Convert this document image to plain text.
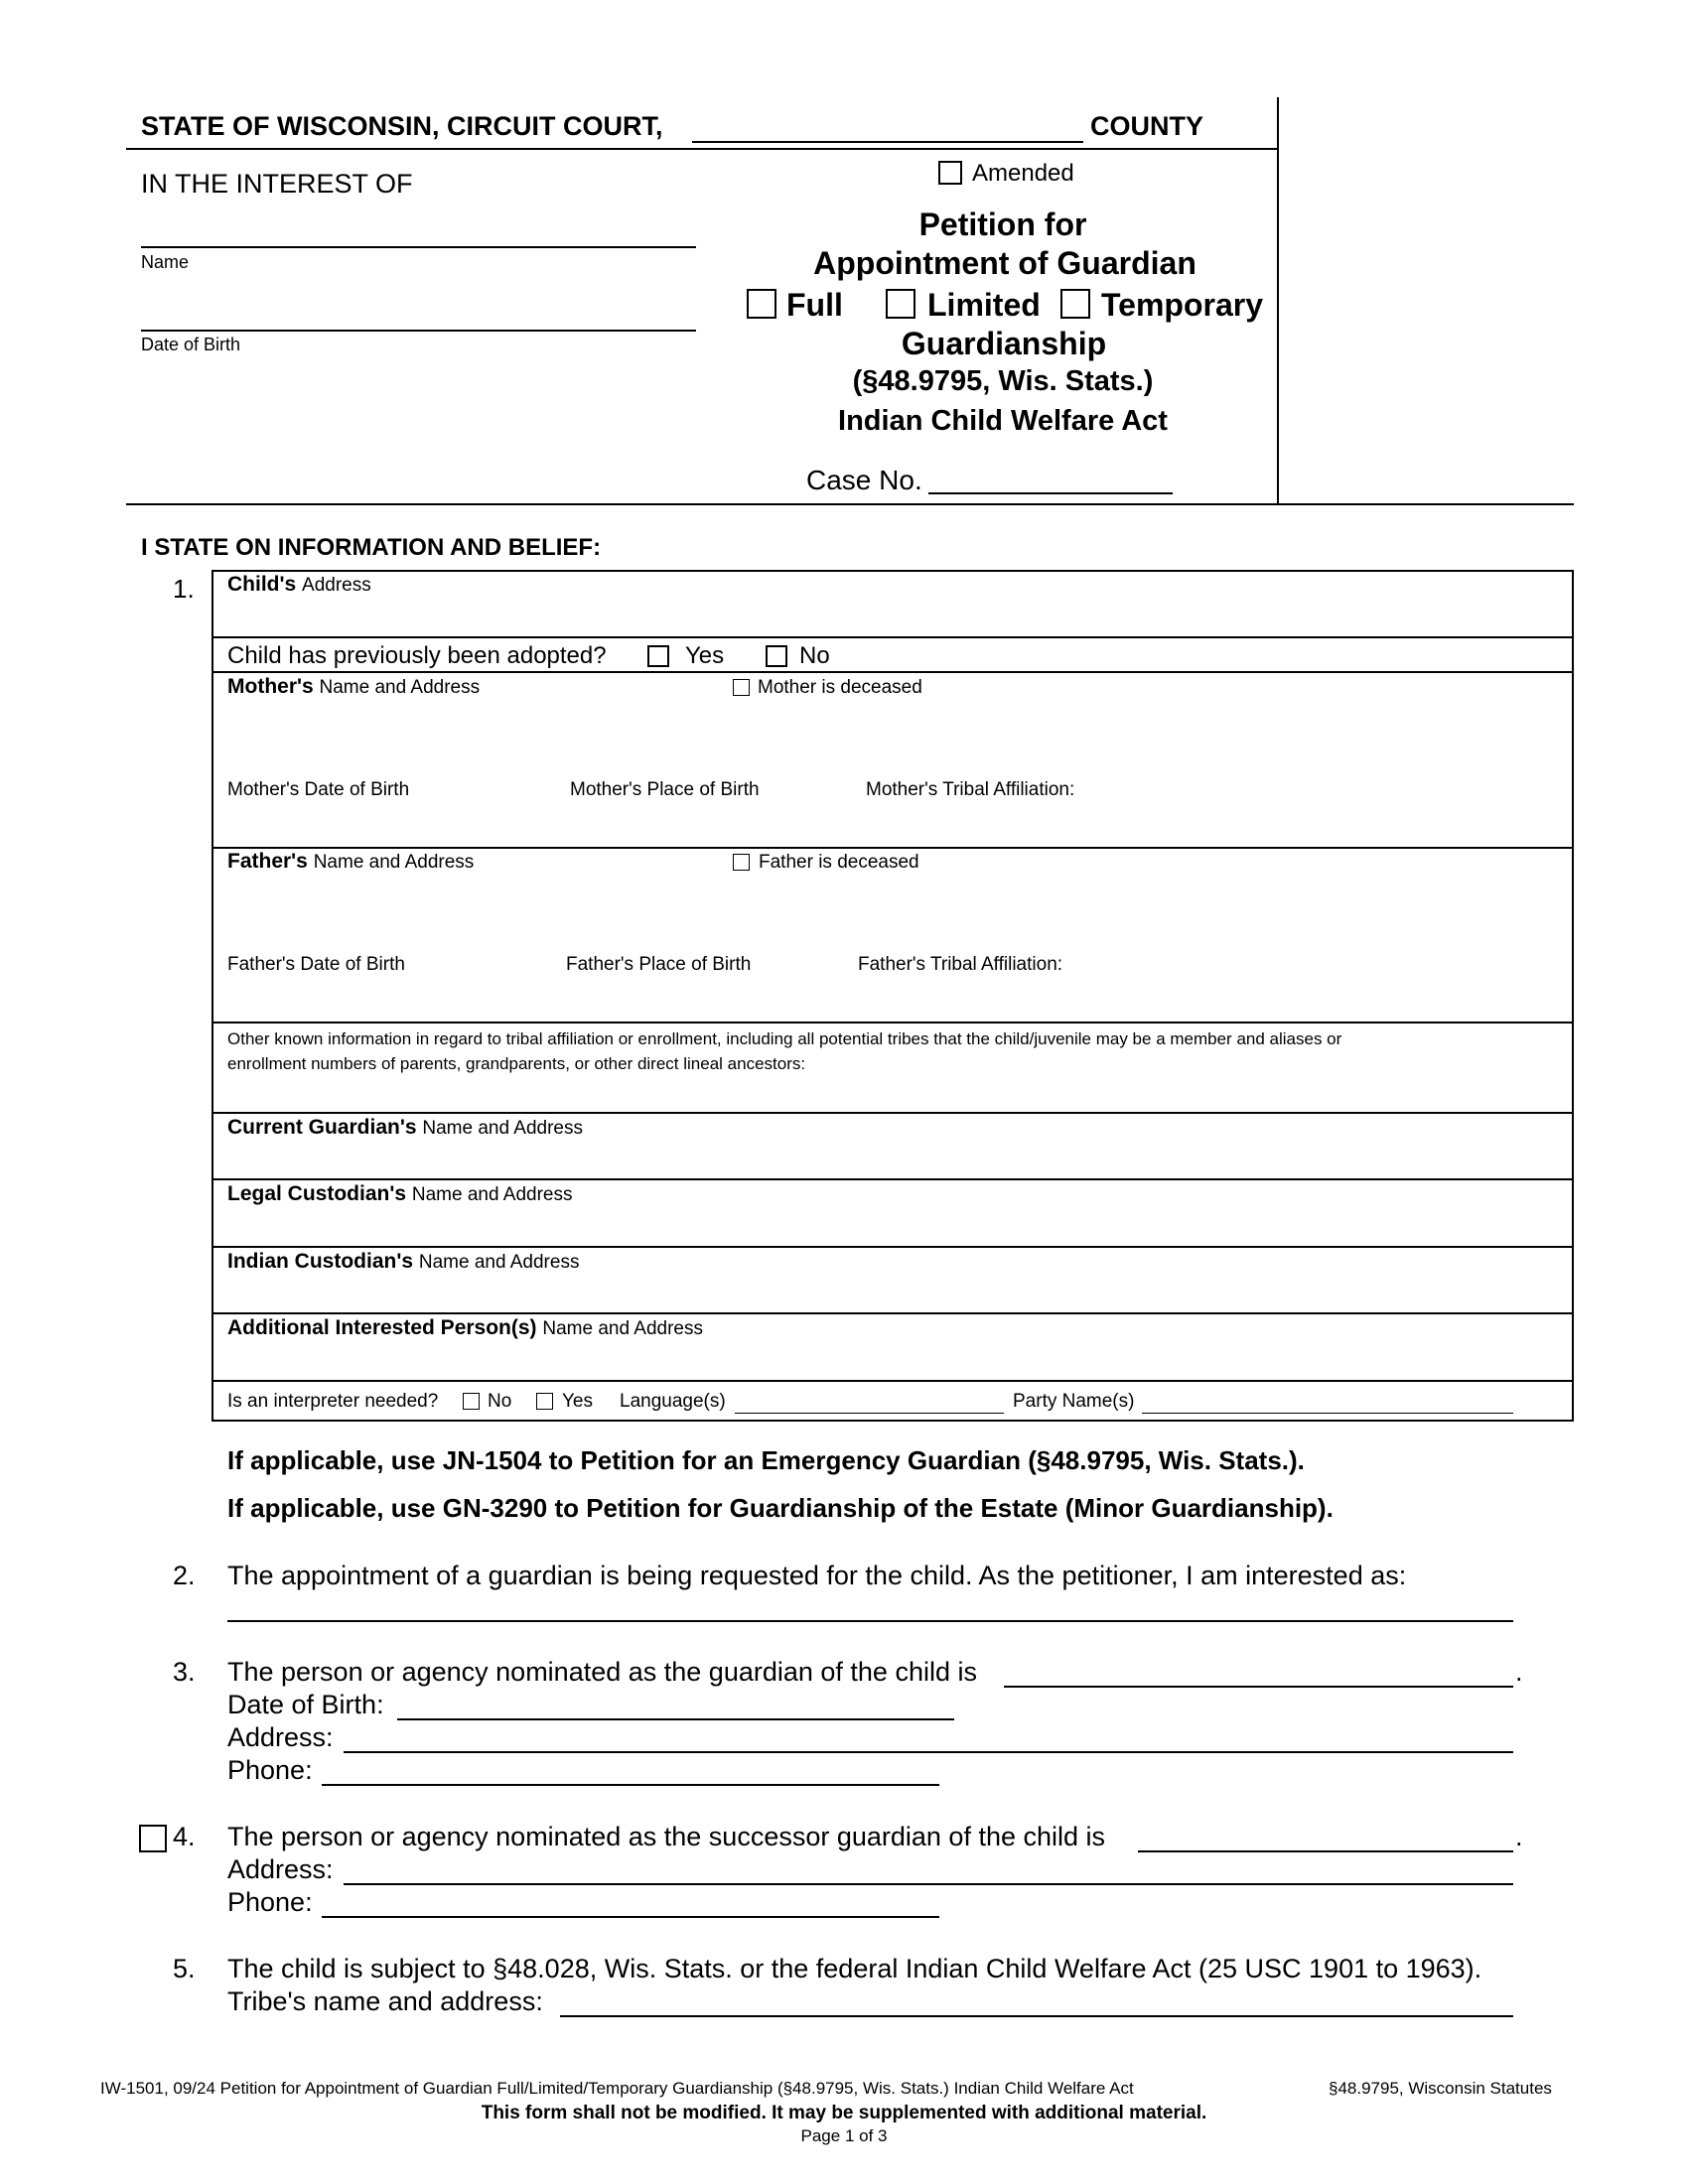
STATE OF WISCONSIN, CIRCUIT COURT,	COUNTY
IN THE INTEREST OF
Name
Date of Birth
Amended
Petition for
Appointment of Guardian
Full	Limited Temporary
Guardianship
(§48.9795, Wis. Stats.)
Indian Child Welfare Act
Case No.
I STATE ON INFORMATION AND BELIEF:
1. Child's Address
Child has previously been adopted?	Yes	No
Mother's Name and Address	Mother is deceased
Mother's Date of Birth	Mother's Place of Birth	Mother's Tribal Affiliation:
Father's Name and Address	Father is deceased
Father's Date of Birth	Father's Place of Birth	Father's Tribal Affiliation:
Other known information in regard to tribal affiliation or enrollment, including all potential tribes that the child/juvenile may be a member and aliases or
enrollment numbers of parents, grandparents, or other direct lineal ancestors:
Current Guardian's Name and Address
Legal Custodian's Name and Address
Indian Custodian's Name and Address
Additional Interested Person(s) Name and Address
Is an interpreter needed?	No	Yes Language(s)	Party Name(s)
If applicable, use JN-1504 to Petition for an Emergency Guardian (§48.9795, Wis. Stats.).
If applicable, use GN-3290 to Petition for Guardianship of the Estate (Minor Guardianship).
2. The appointment of a guardian is being requested for the child. As the petitioner, I am interested as:
3. The person or agency nominated as the guardian of the child is	.
Date of Birth:
Address:
Phone:
4. The person or agency nominated as the successor guardian of the child is	.
Address:
Phone:
5. The child is subject to §48.028, Wis. Stats. or the federal Indian Child Welfare Act (25 USC 1901 to 1963).
Tribe's name and address:
IW-1501, 09/24 Petition for Appointment of Guardian Full/Limited/Temporary Guardianship (§48.9795, Wis. Stats.) Indian Child Welfare Act	§48.9795, Wisconsin Statutes
This form shall not be modified. It may be supplemented with additional material.
Page 1 of 3
